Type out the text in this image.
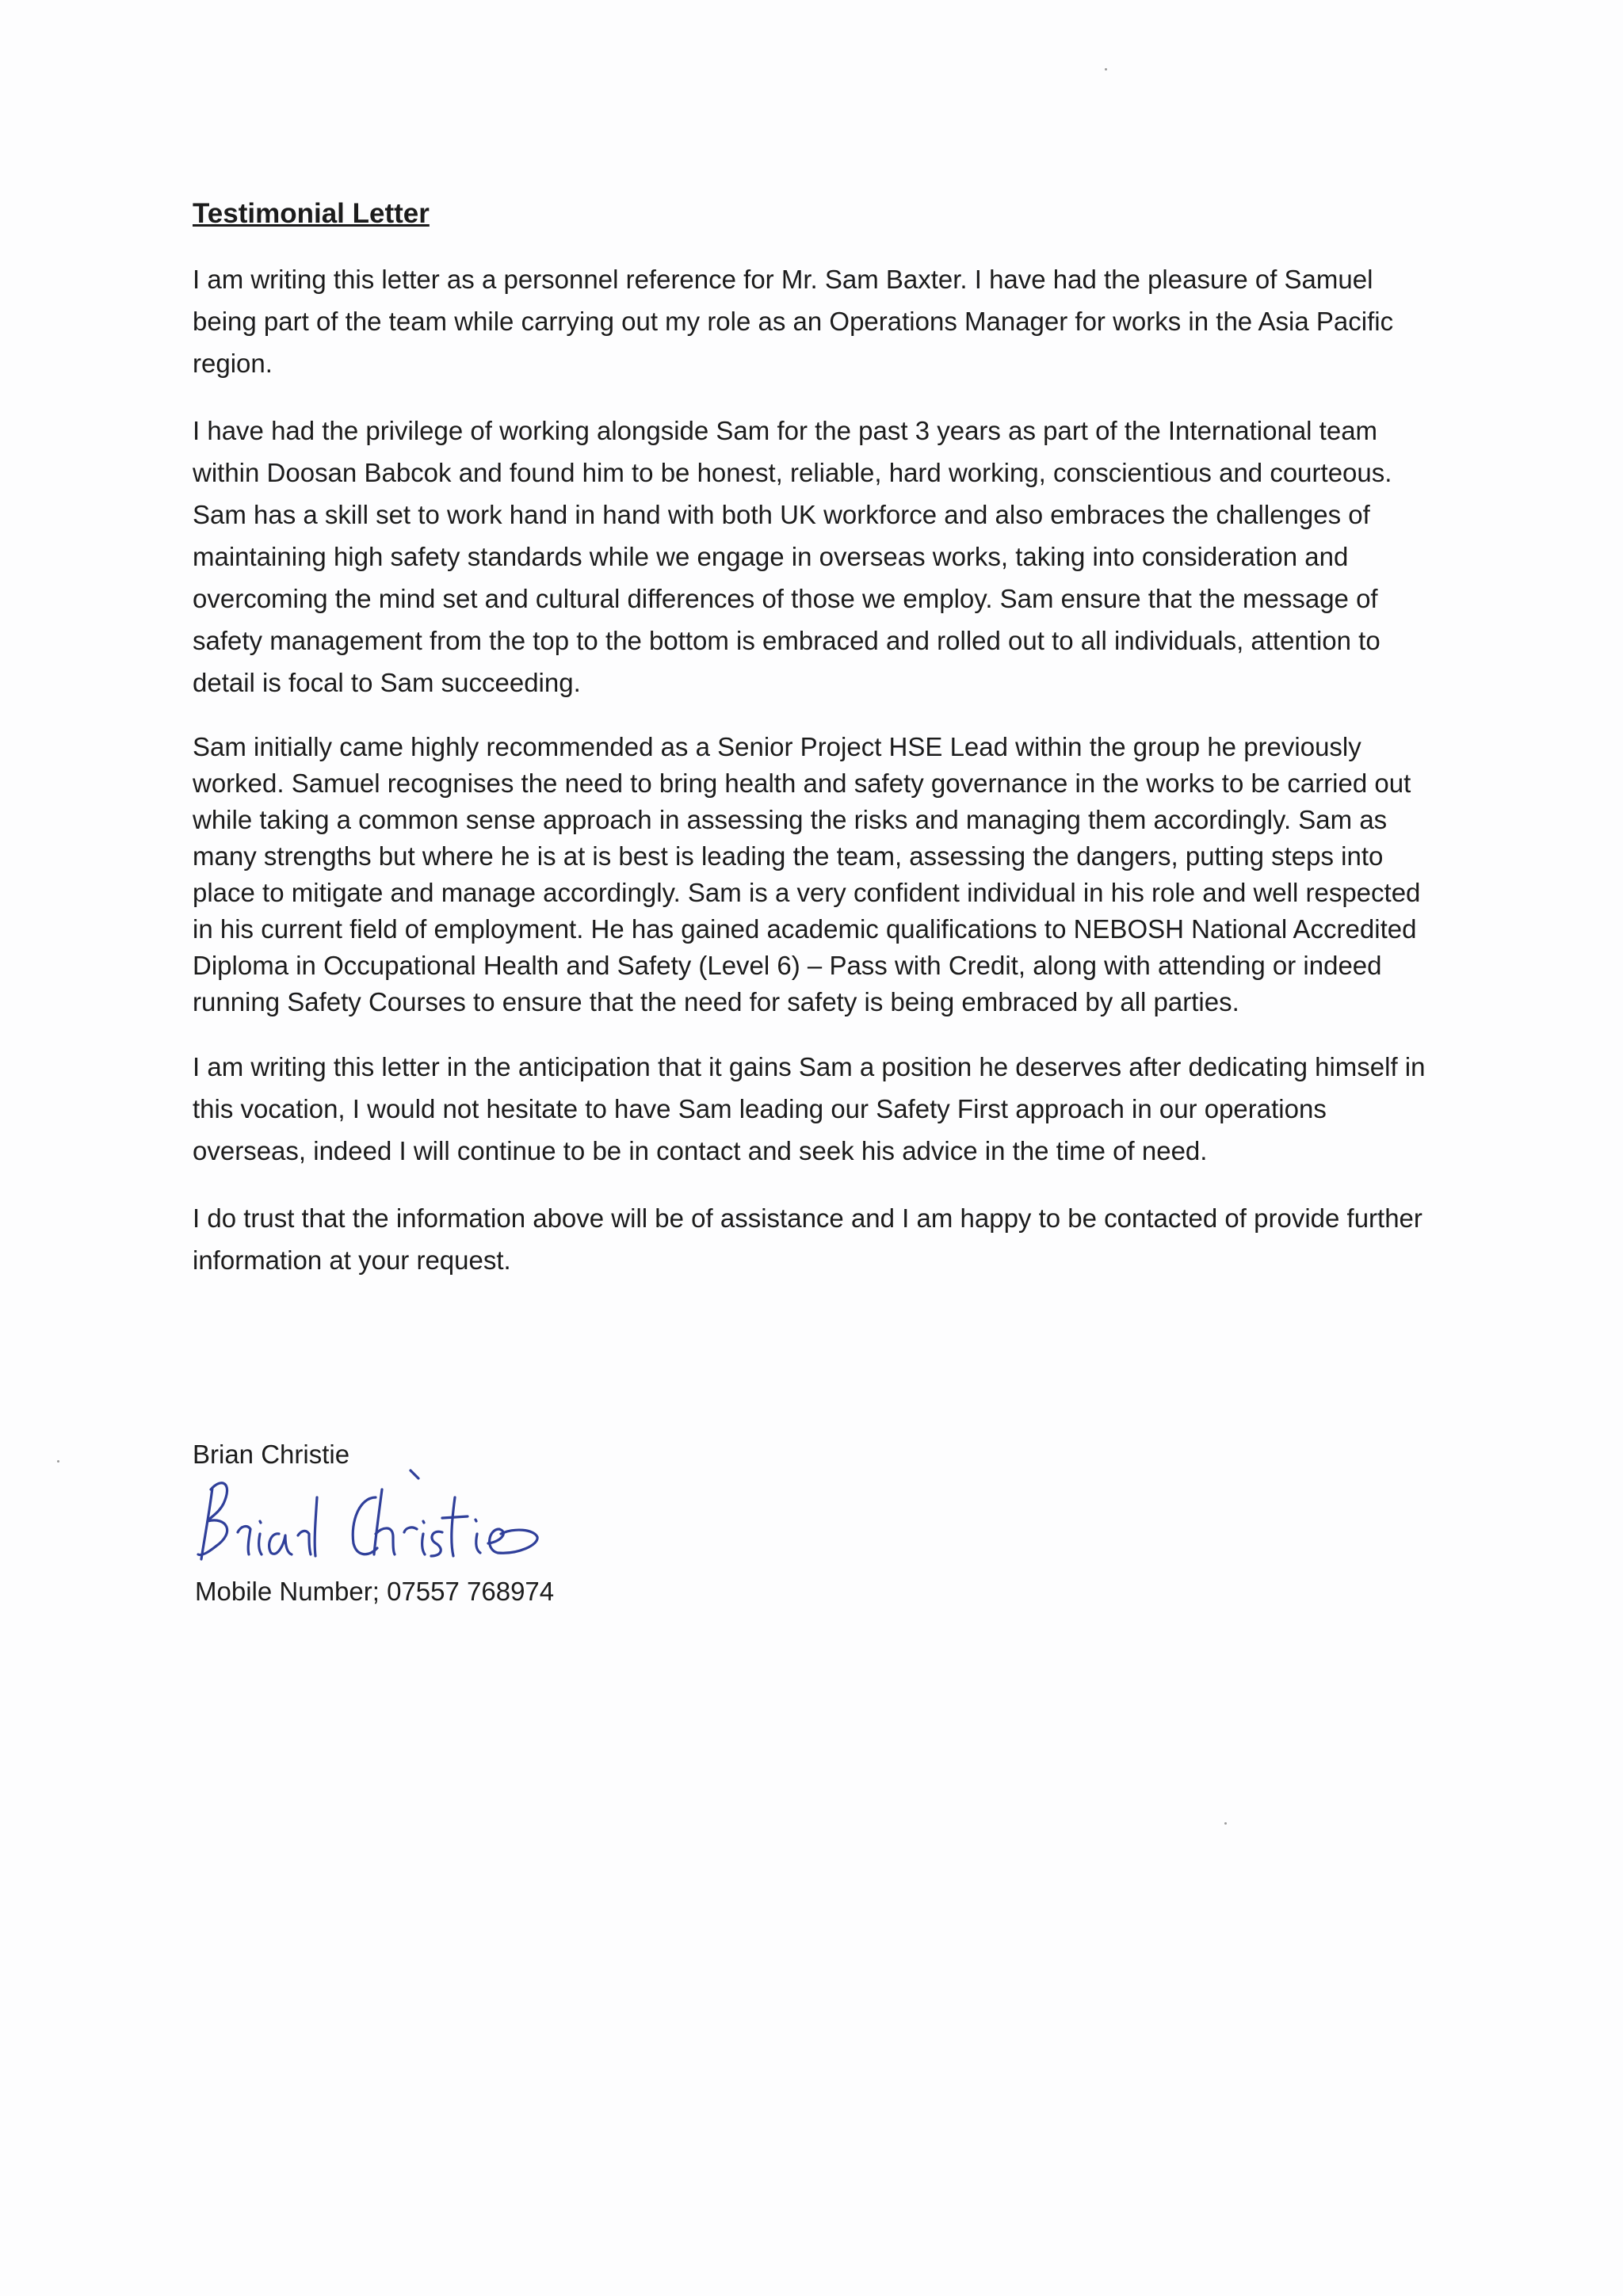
Testimonial Letter

I am writing this letter as a personnel reference for Mr. Sam Baxter. I have had the pleasure of Samuel being part of the team while carrying out my role as an Operations Manager for works in the Asia Pacific region.

I have had the privilege of working alongside Sam for the past 3 years as part of the International team within Doosan Babcok and found him to be honest, reliable, hard working, conscientious and courteous. Sam has a skill set to work hand in hand with both UK workforce and also embraces the challenges of maintaining high safety standards while we engage in overseas works, taking into consideration and overcoming the mind set and cultural differences of those we employ. Sam ensure that the message of safety management from the top to the bottom is embraced and rolled out to all individuals, attention to detail is focal to Sam succeeding.

Sam initially came highly recommended as a Senior Project HSE Lead within the group he previously worked. Samuel recognises the need to bring health and safety governance in the works to be carried out while taking a common sense approach in assessing the risks and managing them accordingly. Sam as many strengths but where he is at is best is leading the team, assessing the dangers, putting steps into place to mitigate and manage accordingly. Sam is a very confident individual in his role and well respected in his current field of employment. He has gained academic qualifications to NEBOSH National Accredited Diploma in Occupational Health and Safety (Level 6) – Pass with Credit, along with attending or indeed running Safety Courses to ensure that the need for safety is being embraced by all parties.

I am writing this letter in the anticipation that it gains Sam a position he deserves after dedicating himself in this vocation, I would not hesitate to have Sam leading our Safety First approach in our operations overseas, indeed I will continue to be in contact and seek his advice in the time of need.

I do trust that the information above will be of assistance and I am happy to be contacted of provide further information at your request.

Brian Christie
Mobile Number; 07557 768974
